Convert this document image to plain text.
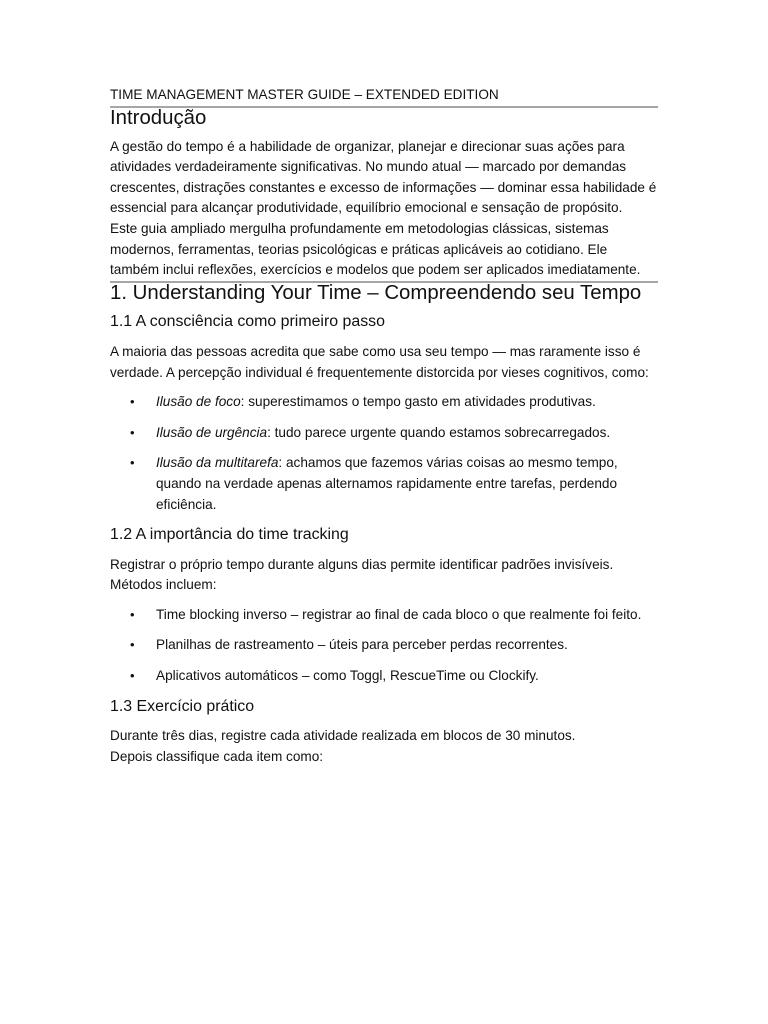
TIME MANAGEMENT MASTER GUIDE – EXTENDED EDITION
Introdução

A gestão do tempo é a habilidade de organizar, planejar e direcionar suas ações para atividades verdadeiramente significativas. No mundo atual — marcado por demandas crescentes, distrações constantes e excesso de informações — dominar essa habilidade é essencial para alcançar produtividade, equilíbrio emocional e sensação de propósito.

Este guia ampliado mergulha profundamente em metodologias clássicas, sistemas modernos, ferramentas, teorias psicológicas e práticas aplicáveis ao cotidiano. Ele também inclui reflexões, exercícios e modelos que podem ser aplicados imediatamente.

1. Understanding Your Time – Compreendendo seu Tempo
1.1 A consciência como primeiro passo

A maioria das pessoas acredita que sabe como usa seu tempo — mas raramente isso é verdade. A percepção individual é frequentemente distorcida por vieses cognitivos, como:

• Ilusão de foco: superestimamos o tempo gasto em atividades produtivas.
• Ilusão de urgência: tudo parece urgente quando estamos sobrecarregados.
• Ilusão da multitarefa: achamos que fazemos várias coisas ao mesmo tempo, quando na verdade apenas alternamos rapidamente entre tarefas, perdendo eficiência.
1.2 A importância do time tracking

Registrar o próprio tempo durante alguns dias permite identificar padrões invisíveis. Métodos incluem:

• Time blocking inverso – registrar ao final de cada bloco o que realmente foi feito.
• Planilhas de rastreamento – úteis para perceber perdas recorrentes.
• Aplicativos automáticos – como Toggl, RescueTime ou Clockify.
1.3 Exercício prático

Durante três dias, registre cada atividade realizada em blocos de 30 minutos.

Depois classifique cada item como:
